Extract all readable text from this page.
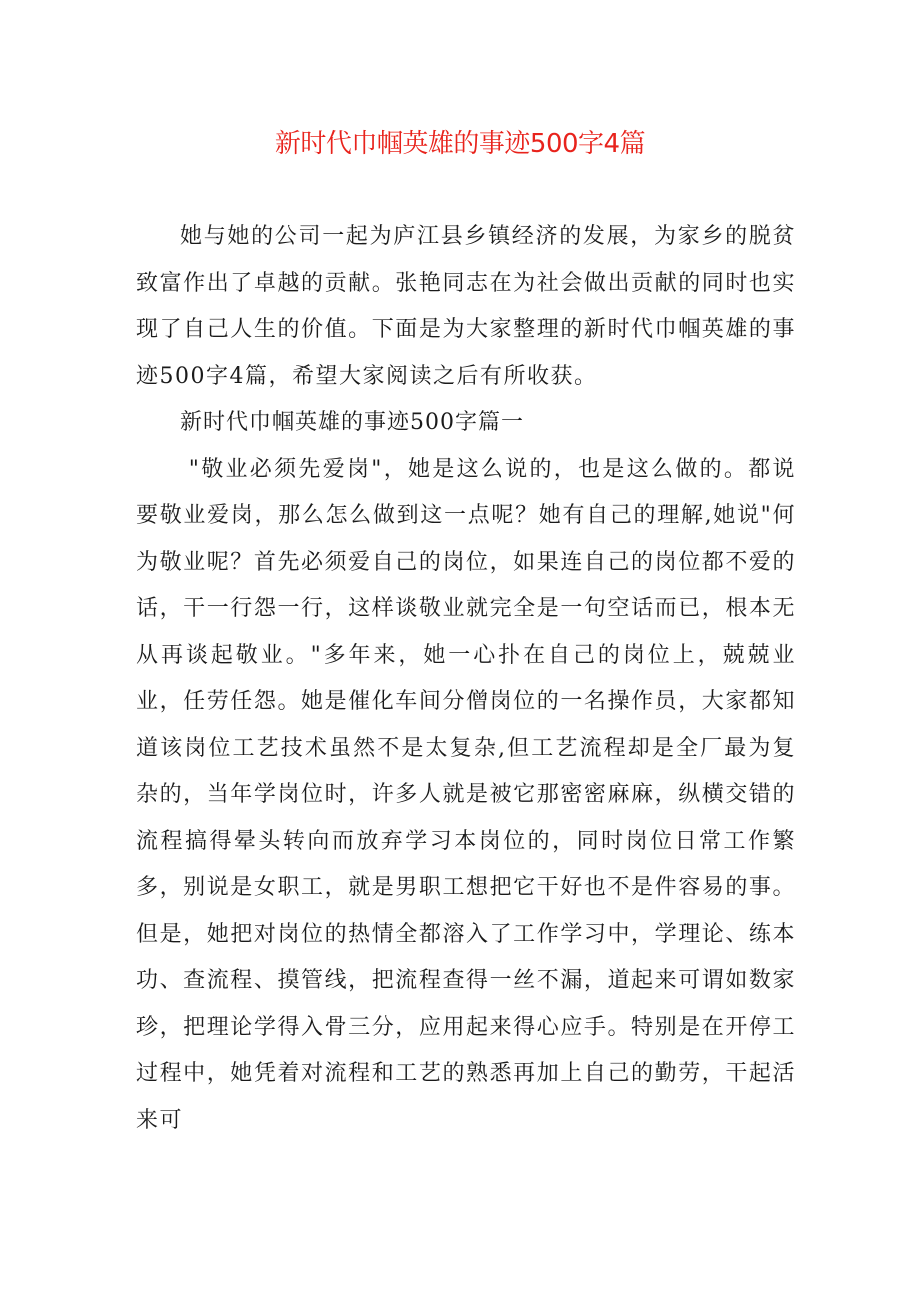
新时代巾帼英雄的事迹500字4篇

她与她的公司一起为庐江县乡镇经济的发展，为家乡的脱贫致富作出了卓越的贡献。张艳同志在为社会做出贡献的同时也实现了自己人生的价值。下面是为大家整理的新时代巾帼英雄的事迹500字4篇，希望大家阅读之后有所收获。

新时代巾帼英雄的事迹500字篇一

"敬业必须先爱岗"，她是这么说的，也是这么做的。都说要敬业爱岗，那么怎么做到这一点呢？她有自己的理解,她说"何为敬业呢？首先必须爱自己的岗位，如果连自己的岗位都不爱的话，干一行怨一行，这样谈敬业就完全是一句空话而已，根本无从再谈起敬业。"多年来，她一心扑在自己的岗位上，兢兢业业，任劳任怨。她是催化车间分僧岗位的一名操作员，大家都知道该岗位工艺技术虽然不是太复杂,但工艺流程却是全厂最为复杂的，当年学岗位时，许多人就是被它那密密麻麻，纵横交错的流程搞得晕头转向而放弃学习本岗位的，同时岗位日常工作繁多，别说是女职工，就是男职工想把它干好也不是件容易的事。但是，她把对岗位的热情全都溶入了工作学习中，学理论、练本功、查流程、摸管线，把流程查得一丝不漏，道起来可谓如数家珍，把理论学得入骨三分，应用起来得心应手。特别是在开停工过程中，她凭着对流程和工艺的熟悉再加上自己的勤劳，干起活来可
